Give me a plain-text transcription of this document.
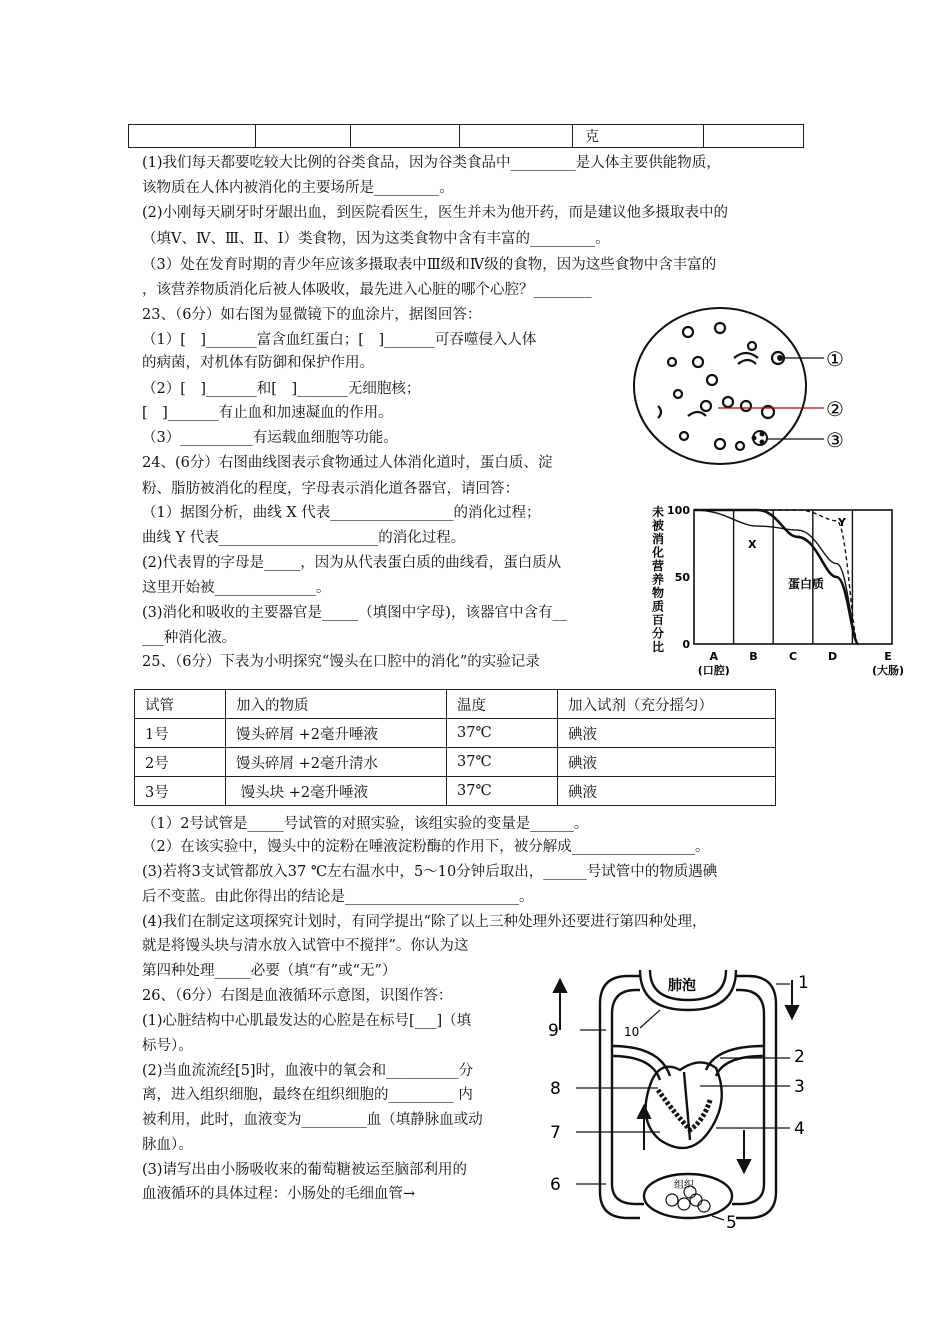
				克	
(1)我们每天都要吃较大比例的谷类食品，因为谷类食品中_________是人体主要供能物质，
该物质在人体内被消化的主要场所是_________。
(2)小刚每天刷牙时牙龈出血，到医院看医生，医生并未为他开药，而是建议他多摄取表中的
（填Ⅴ、Ⅳ、Ⅲ、Ⅱ、Ⅰ）类食物，因为这类食物中含有丰富的_________。
（3）处在发育时期的青少年应该多摄取表中Ⅲ级和Ⅳ级的食物，因为这些食物中含丰富的
，该营养物质消化后被人体吸收，最先进入心脏的哪个心腔？________
23、（6分）如右图为显微镜下的血涂片，据图回答：
（1）[　]_______富含血红蛋白；[　]_______可吞噬侵入人体
的病菌，对机体有防御和保护作用。
（2）[　]_______和[　]_______无细胞核；
[　]_______有止血和加速凝血的作用。
（3）__________有运载血细胞等功能。
①
②
③
24、(6分）右图曲线图表示食物通过人体消化道时，蛋白质、淀
粉、脂肪被消化的程度，字母表示消化道各器官，请回答：
（1）据图分析，曲线 X 代表_________________的消化过程；
曲线 Y 代表______________________的消化过程。
(2)代表胃的字母是_____，因为从代表蛋白质的曲线看，蛋白质从
这里开始被______________。
(3)消化和吸收的主要器官是_____（填图中字母)，该器官中含有__
___种消化液。
未
被
消
化
营
养
物
质
百
分
比
100
50
0
A
(口腔)
B	C	D	E
(大肠)
X
Y
蛋白质
25、（6分）下表为小明探究“馒头在口腔中的消化”的实验记录
试管	加入的物质	温度	加入试剂（充分摇匀）
1号	馒头碎屑 +2毫升唾液	37℃	碘液
2号	馒头碎屑 +2毫升清水	37℃	碘液
3号	馒头块 +2毫升唾液	37℃	碘液
（1）2号试管是_____号试管的对照实验，该组实验的变量是______。
（2）在该实验中，馒头中的淀粉在唾液淀粉酶的作用下，被分解成_________________。
(3)若将3支试管都放入37 ℃左右温水中，5～10分钟后取出，______号试管中的物质遇碘
后不变蓝。由此你得出的结论是________________________。
(4)我们在制定这项探究计划时，有同学提出“除了以上三种处理外还要进行第四种处理，
就是将馒头块与清水放入试管中不搅拌”。你认为这
第四种处理_____必要（填“有”或“无”）
26、（6分）右图是血液循环示意图，识图作答：
(1)心脏结构中心肌最发达的心腔是在标号[___]（填
标号）。
(2)当血流流经[5]时，血液中的氧会和__________分
离，进入组织细胞，最终在组织细胞的_________ 内
被利用，此时，血液变为_________血（填静脉血或动
脉血）。
(3)请写出由小肠吸收来的葡萄糖被运至脑部利用的
血液循环的具体过程：小肠处的毛细血管→
肺泡
组织
1
2
3
4
5
6
7
8
9	10
